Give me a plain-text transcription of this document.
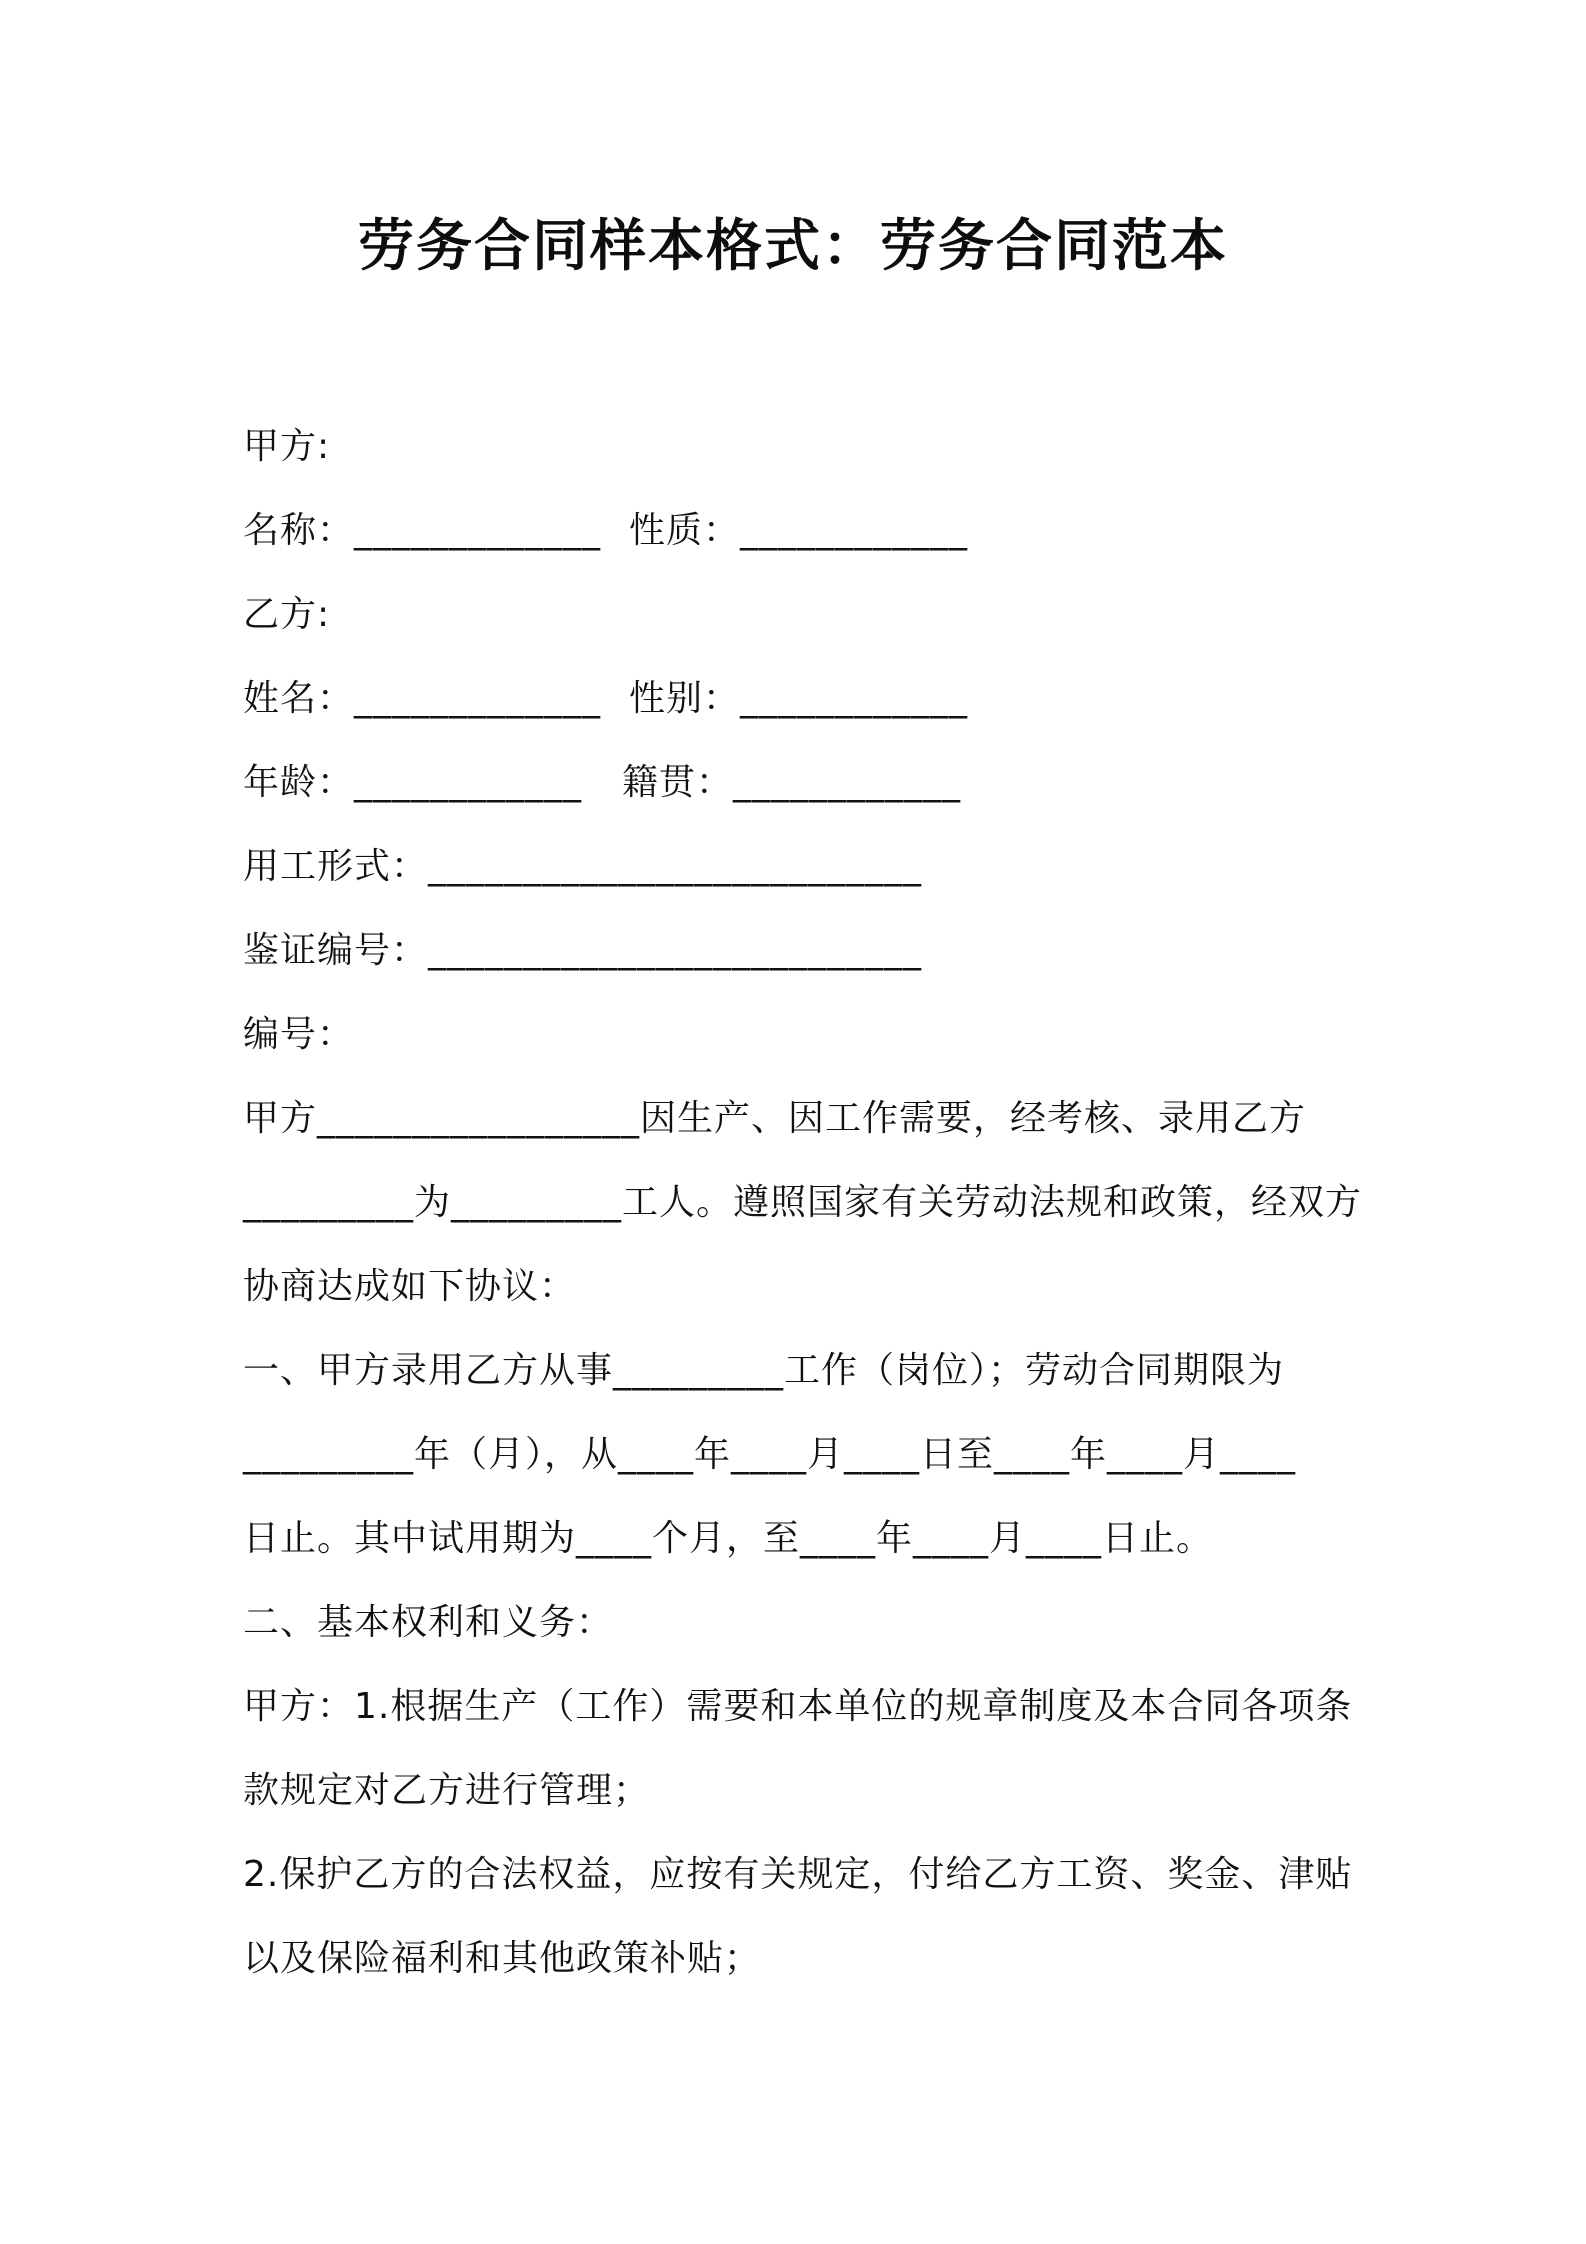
劳务合同样本格式：劳务合同范本
甲方:
名称：_____________ 性质：____________
乙方:
姓名：_____________ 性别：____________
年龄：____________ 籍贯：____________
用工形式：__________________________
鉴证编号：__________________________
编号：
甲方_________________因生产、因工作需要，经考核、录用乙方
_________为_________工人。遵照国家有关劳动法规和政策，经双方
协商达成如下协议：
一、甲方录用乙方从事_________工作（岗位）；劳动合同期限为
_________年（月），从____年____月____日至____年____月____
日止。其中试用期为____个月，至____年____月____日止。
二、基本权利和义务：
甲方：1.根据生产（工作）需要和本单位的规章制度及本合同各项条
款规定对乙方进行管理；
2.保护乙方的合法权益，应按有关规定，付给乙方工资、奖金、津贴
以及保险福利和其他政策补贴；
